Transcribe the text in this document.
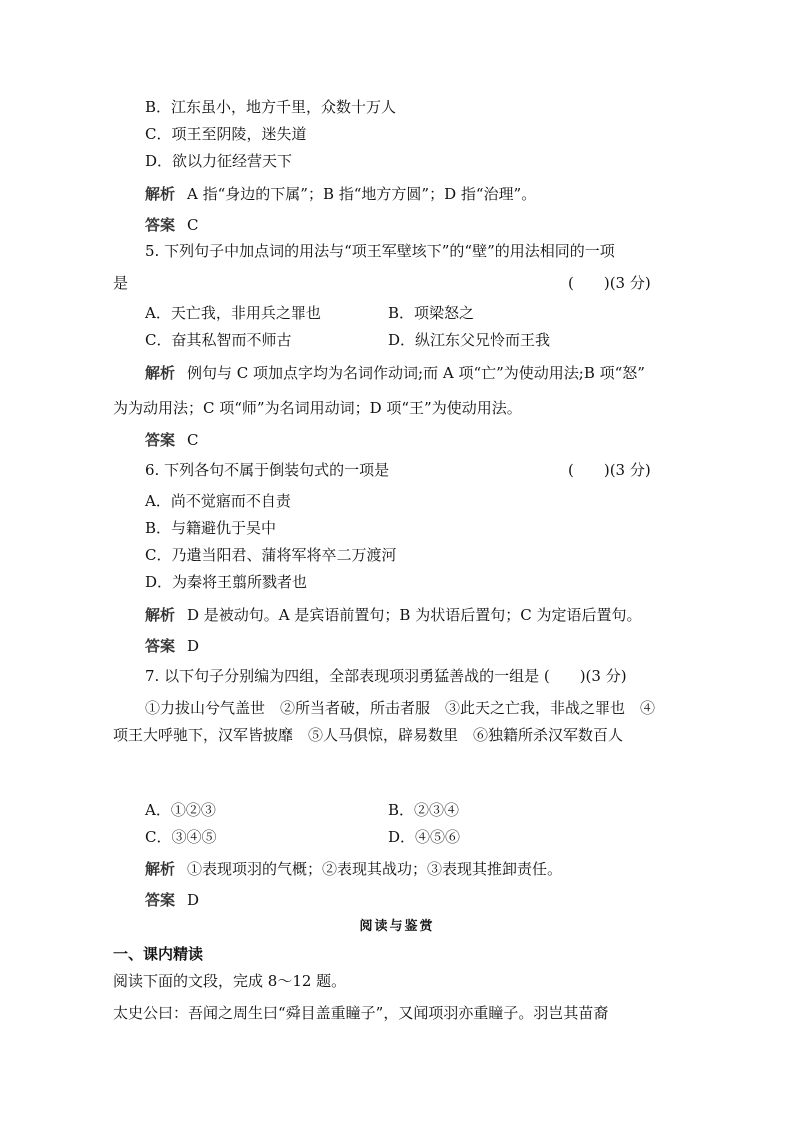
B．江东虽小，地方千里，众数十万人
C．项王至阴陵，迷失道
D．欲以力征经营天下
解析 A 指“身边的下属”；B 指“地方方圆”；D 指“治理”。
答案 C
5. 下列句子中加点词的用法与“项王军壁垓下”的“壁”的用法相同的一项
是	(　　)(3 分)
A．天亡我，非用兵之罪也	B．项梁怒之
C．奋其私智而不师古	D．纵江东父兄怜而王我
解析 例句与 C 项加点字均为名词作动词;而 A 项“亡”为使动用法;B 项“怒”
为为动用法；C 项“师”为名词用动词；D 项“王”为使动用法。
答案 C
6. 下列各句不属于倒装句式的一项是	(　　)(3 分)
A．尚不觉寤而不自责
B．与籍避仇于吴中
C．乃遣当阳君、蒲将军将卒二万渡河
D．为秦将王翦所戮者也
解析 D 是被动句。A 是宾语前置句；B 为状语后置句；C 为定语后置句。
答案 D
7. 以下句子分别编为四组，全部表现项羽勇猛善战的一组是 (　　)(3 分)
①力拔山兮气盖世　②所当者破，所击者服　③此天之亡我，非战之罪也　④
项王大呼驰下，汉军皆披靡　⑤人马俱惊，辟易数里　⑥独籍所杀汉军数百人
A．①②③	B．②③④
C．③④⑤	D．④⑤⑥
解析 ①表现项羽的气概；②表现其战功；③表现其推卸责任。
答案 D
阅读与鉴赏
一、课内精读
阅读下面的文段，完成 8～12 题。
太史公曰：吾闻之周生曰“舜目盖重瞳子”，又闻项羽亦重瞳子。羽岂其苗裔
